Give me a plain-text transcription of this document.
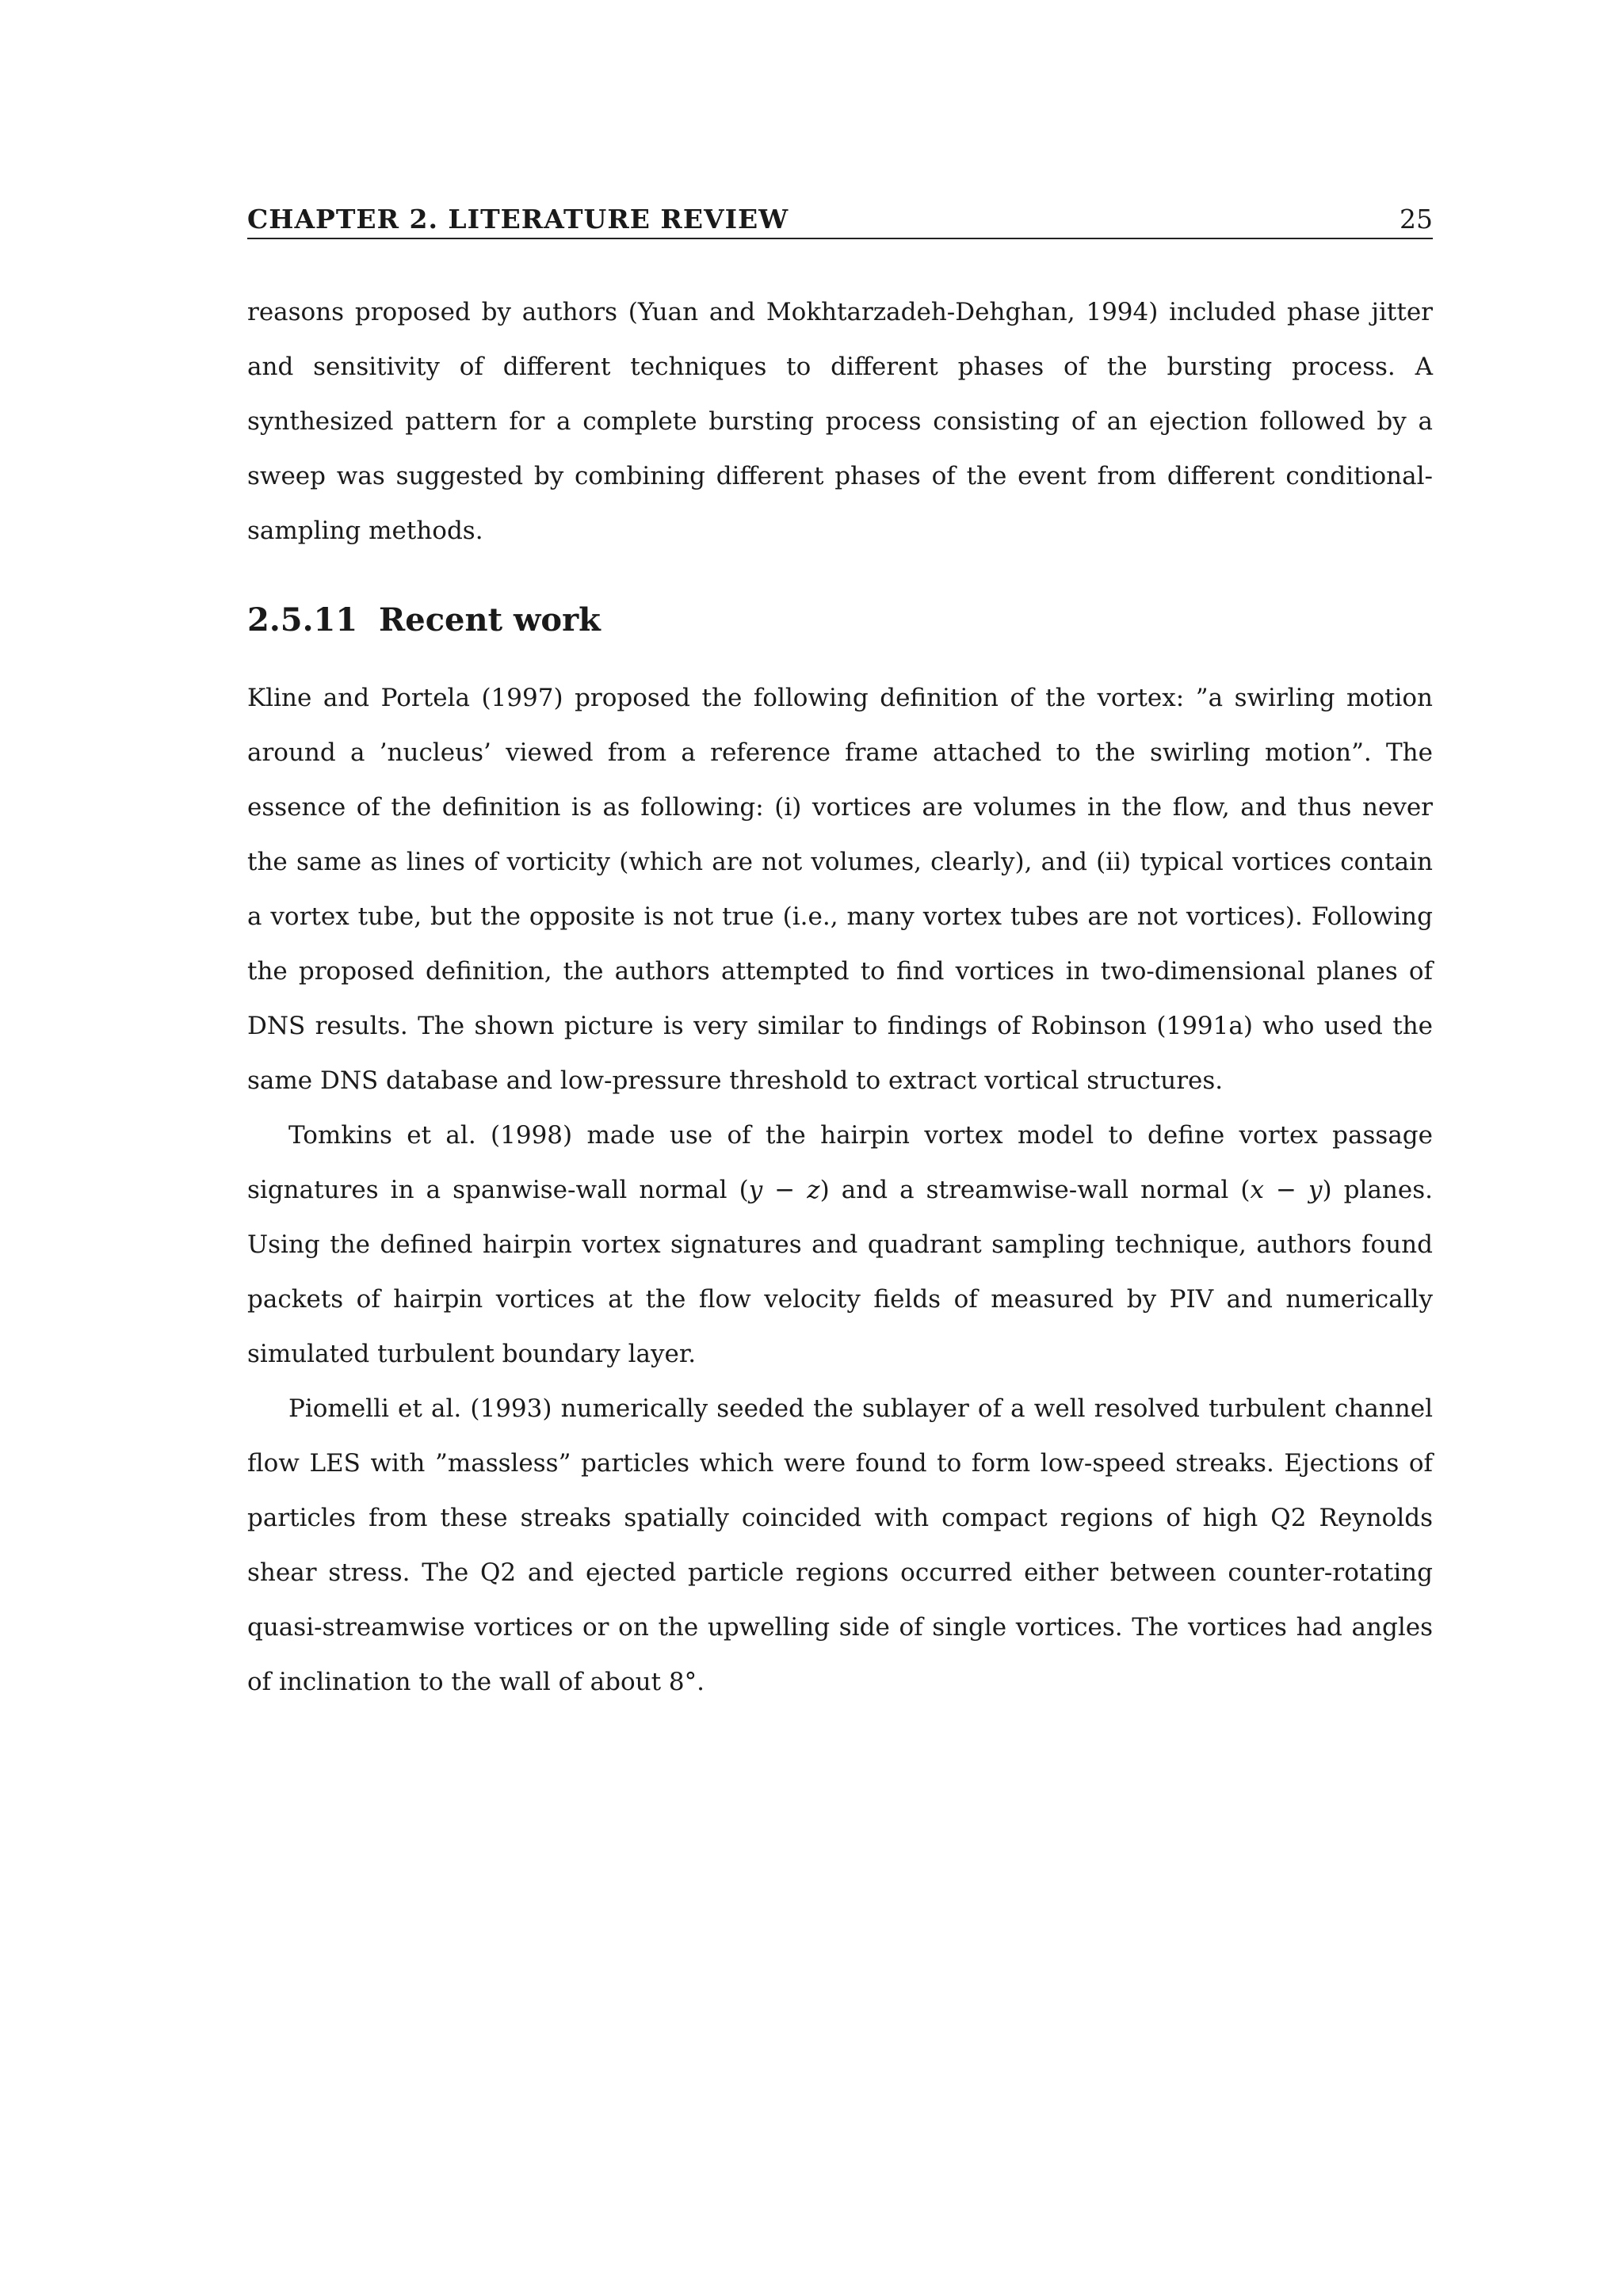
CHAPTER 2. LITERATURE REVIEW	25

reasons proposed by authors (Yuan and Mokhtarzadeh-Dehghan, 1994) included phase jitter and sensitivity of different techniques to different phases of the bursting process. A synthesized pattern for a complete bursting process consisting of an ejection followed by a sweep was suggested by combining different phases of the event from different conditional-sampling methods.

2.5.11 Recent work

Kline and Portela (1997) proposed the following definition of the vortex: ”a swirling motion around a ’nucleus’ viewed from a reference frame attached to the swirling motion”. The essence of the definition is as following: (i) vortices are volumes in the flow, and thus never the same as lines of vorticity (which are not volumes, clearly), and (ii) typical vortices contain a vortex tube, but the opposite is not true (i.e., many vortex tubes are not vortices). Following the proposed definition, the authors attempted to find vortices in two-dimensional planes of DNS results. The shown picture is very similar to findings of Robinson (1991a) who used the same DNS database and low-pressure threshold to extract vortical structures.

Tomkins et al. (1998) made use of the hairpin vortex model to define vortex passage signatures in a spanwise-wall normal (y − z) and a streamwise-wall normal (x − y) planes. Using the defined hairpin vortex signatures and quadrant sampling technique, authors found packets of hairpin vortices at the flow velocity fields of measured by PIV and numerically simulated turbulent boundary layer.

Piomelli et al. (1993) numerically seeded the sublayer of a well resolved turbulent channel flow LES with ”massless” particles which were found to form low-speed streaks. Ejections of particles from these streaks spatially coincided with compact regions of high Q2 Reynolds shear stress. The Q2 and ejected particle regions occurred either between counter-rotating quasi-streamwise vortices or on the upwelling side of single vortices. The vortices had angles of inclination to the wall of about 8°.
